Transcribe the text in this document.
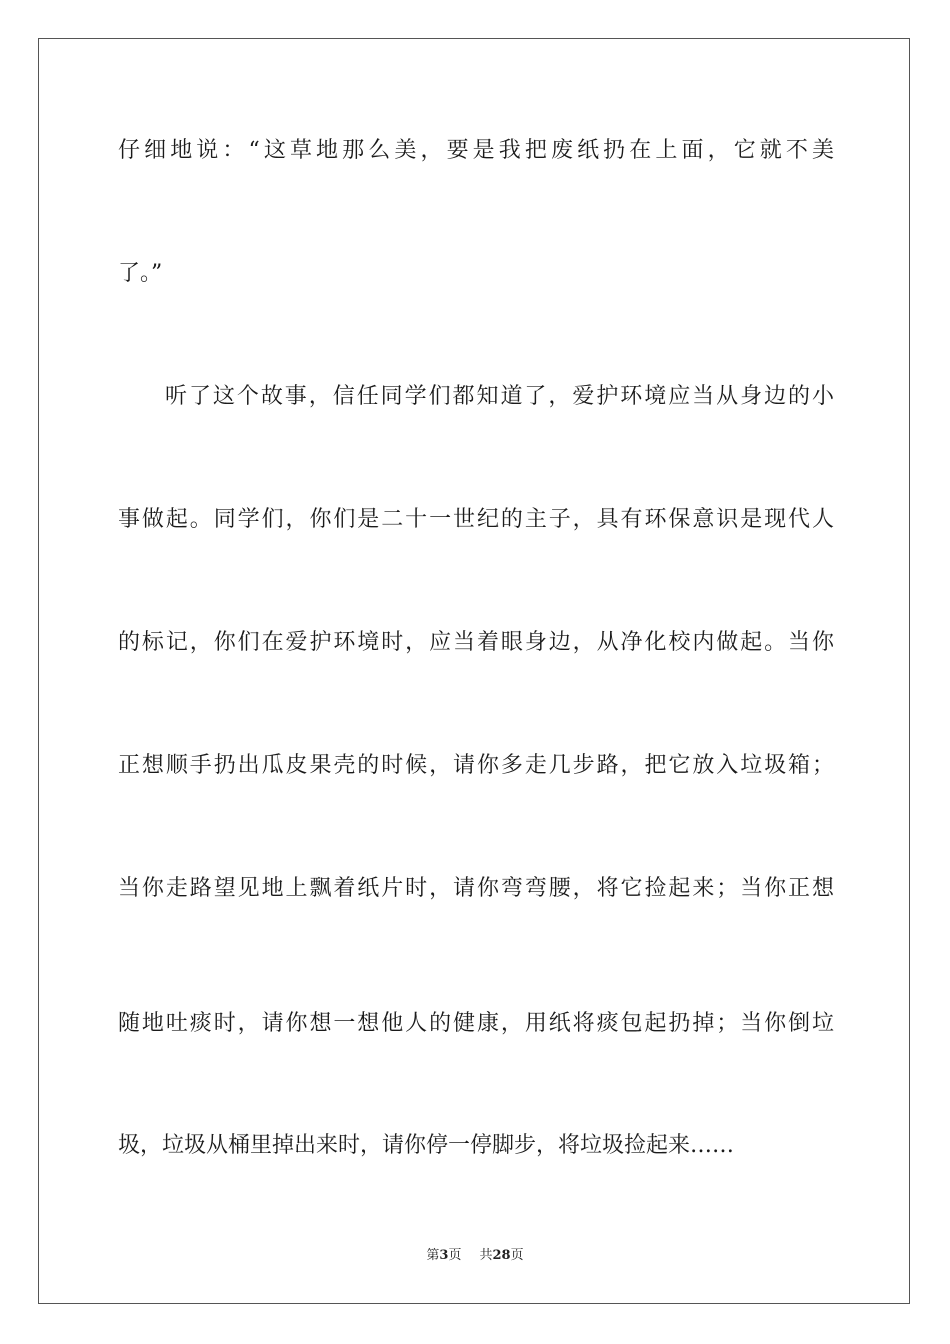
仔细地说：“这草地那么美，要是我把废纸扔在上面，它就不美
了。”
听了这个故事，信任同学们都知道了，爱护环境应当从身边的小
事做起。同学们，你们是二十一世纪的主子，具有环保意识是现代人
的标记，你们在爱护环境时，应当着眼身边，从净化校内做起。当你
正想顺手扔出瓜皮果壳的时候，请你多走几步路，把它放入垃圾箱；
当你走路望见地上飘着纸片时，请你弯弯腰，将它捡起来；当你正想
随地吐痰时，请你想一想他人的健康，用纸将痰包起扔掉；当你倒垃
圾，垃圾从桶里掉出来时，请你停一停脚步，将垃圾捡起来……
第3页 共28页
